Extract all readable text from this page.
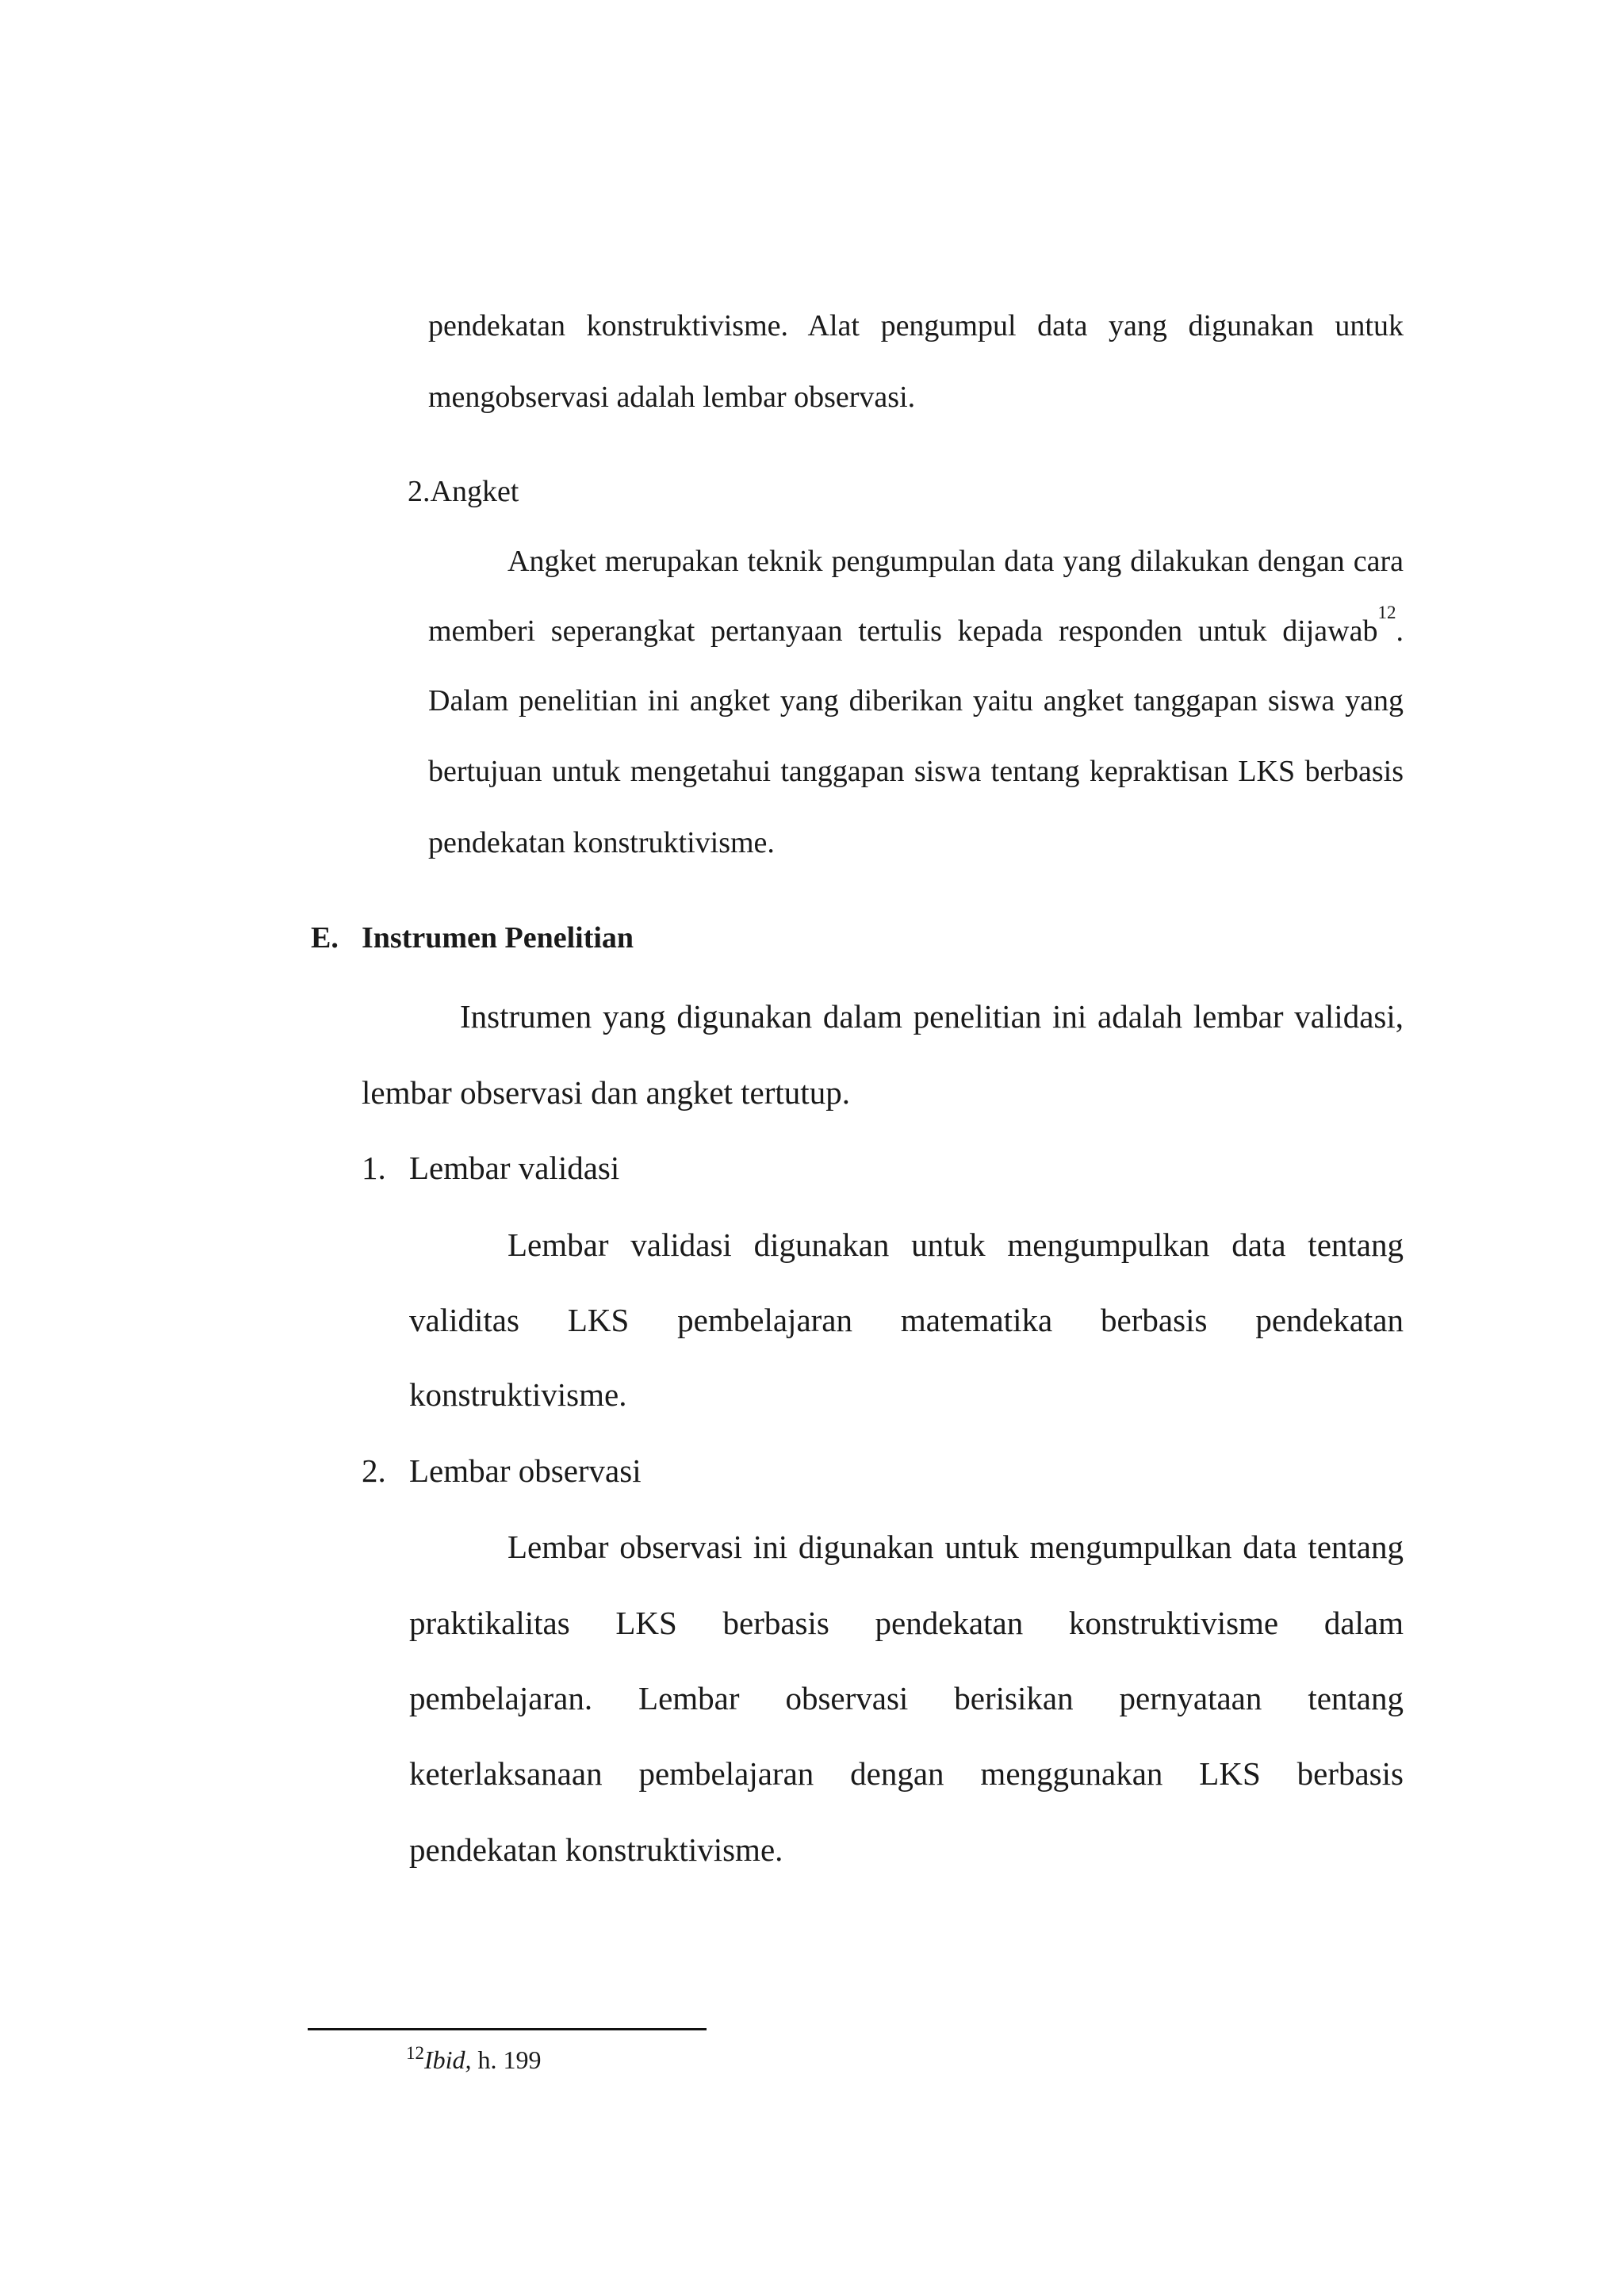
pendekatan konstruktivisme. Alat pengumpul data yang digunakan untuk
mengobservasi adalah lembar observasi.
2.Angket
Angket merupakan teknik pengumpulan data yang dilakukan dengan cara
memberi seperangkat pertanyaan tertulis kepada responden untuk dijawab
12
.
Dalam penelitian ini angket yang diberikan yaitu angket tanggapan siswa yang
bertujuan untuk mengetahui tanggapan siswa tentang kepraktisan LKS berbasis
pendekatan konstruktivisme.
E. Instrumen Penelitian
Instrumen yang digunakan dalam penelitian ini adalah lembar validasi,
lembar observasi dan angket tertutup.
1. Lembar validasi
Lembar validasi digunakan untuk mengumpulkan data tentang
validitas LKS pembelajaran matematika berbasis pendekatan
konstruktivisme.
2. Lembar observasi
Lembar observasi ini digunakan untuk mengumpulkan data tentang
praktikalitas LKS berbasis pendekatan konstruktivisme dalam
pembelajaran. Lembar observasi berisikan pernyataan tentang
keterlaksanaan pembelajaran dengan menggunakan LKS berbasis
pendekatan konstruktivisme.
$^{12}$Ibid, h. 199
